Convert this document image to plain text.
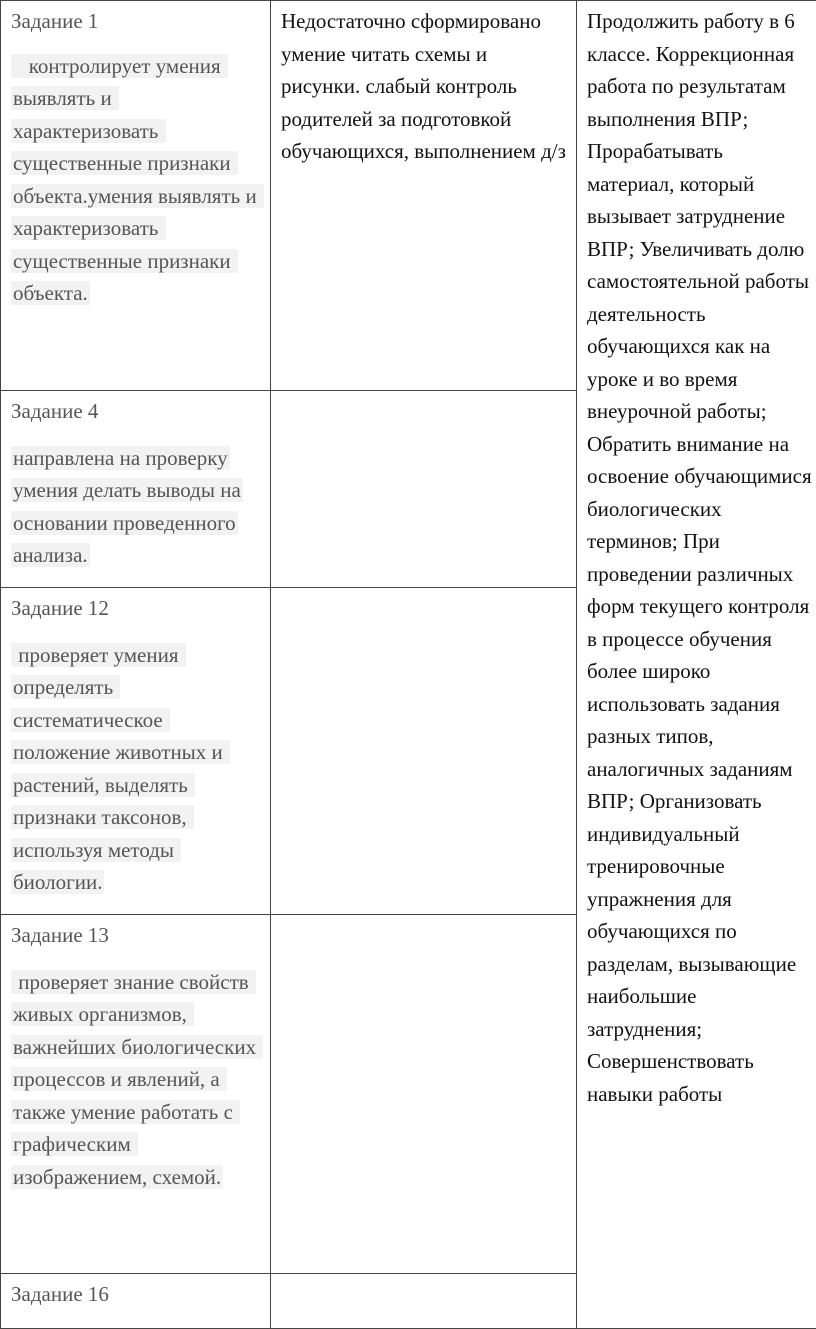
Задание 1
контролирует умения выявлять и характеризовать существенные признаки объекта.умения выявлять и характеризовать существенные признаки объекта.	Недостаточно сформировано умение читать схемы и рисунки. слабый контроль родителей за подготовкой обучающихся, выполнением д/з	Продолжить работу в 6 классе. Коррекционная работа по результатам выполнения ВПР; Прорабатывать материал, который вызывает затруднение ВПР; Увеличивать долю самостоятельной работы деятельность обучающихся как на уроке и во время внеурочной работы; Обратить внимание на освоение обучающимися биологических терминов; При проведении различных форм текущего контроля в процессе обучения более широко использовать задания разных типов, аналогичных заданиям ВПР; Организовать индивидуальный тренировочные упражнения для обучающихся по разделам, вызывающие наибольшие затруднения; Совершенствовать навыки работы

Задание 4
направлена на проверку умения делать выводы на основании проведенного анализа.		

Задание 12
проверяет умения определять систематическое положение животных и растений, выделять признаки таксонов, используя методы биологии.		

Задание 13
проверяет знание свойств живых организмов, важнейших биологических процессов и явлений, а также умение работать с графическим изображением, схемой.		

Задание 16		
